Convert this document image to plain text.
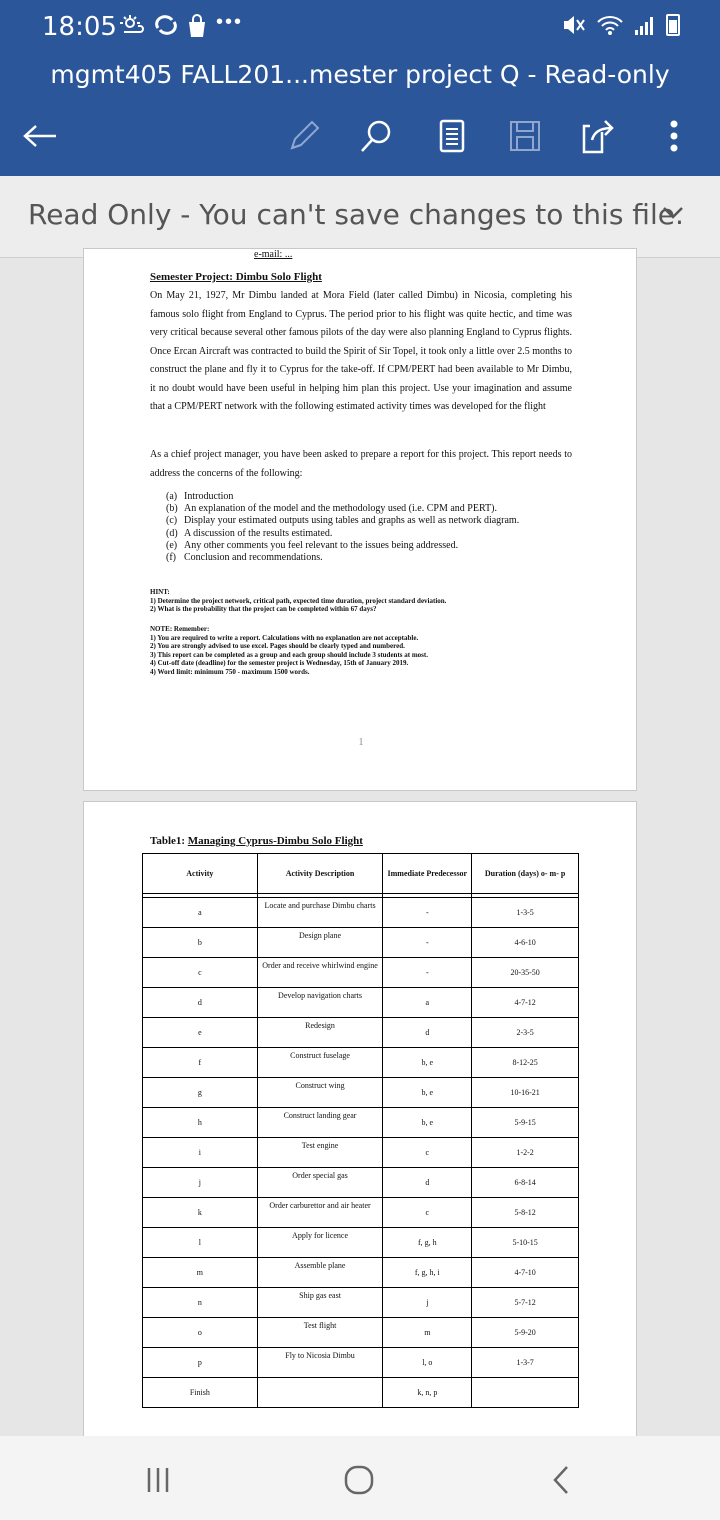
18:05	•••
mgmt405 FALL201...mester project Q - Read-only
Read Only - You can't save changes to this file.
e-mail: ...
Semester Project: Dimbu Solo Flight
On May 21, 1927, Mr Dimbu landed at Mora Field (later called Dimbu) in Nicosia, completing his famous solo flight from England to Cyprus. The period prior to his flight was quite hectic, and time was very critical because several other famous pilots of the day were also planning England to Cyprus flights. Once Ercan Aircraft was contracted to build the Spirit of Sir Topel, it took only a little over 2.5 months to construct the plane and fly it to Cyprus for the take-off. If CPM/PERT had been available to Mr Dimbu, it no doubt would have been useful in helping him plan this project. Use your imagination and assume that a CPM/PERT network with the following estimated activity times was developed for the flight
As a chief project manager, you have been asked to prepare a report for this project. This report needs to address the concerns of the following:
(a) Introduction
(b) An explanation of the model and the methodology used (i.e. CPM and PERT).
(c) Display your estimated outputs using tables and graphs as well as network diagram.
(d) A discussion of the results estimated.
(e) Any other comments you feel relevant to the issues being addressed.
(f) Conclusion and recommendations.
HINT:
1) Determine the project network, critical path, expected time duration, project standard deviation.
2) What is the probability that the project can be completed within 67 days?
NOTE: Remember:
1) You are required to write a report. Calculations with no explanation are not acceptable.
2) You are strongly advised to use excel. Pages should be clearly typed and numbered.
3) This report can be completed as a group and each group should include 3 students at most.
4) Cut-off date (deadline) for the semester project is Wednesday, 15th of January 2019.
4) Word limit: minimum 750 - maximum 1500 words.
1
Table1: Managing Cyprus-Dimbu Solo Flight
Activity	Activity Description	Immediate Predecessor	Duration (days) o- m- p

a	Locate and purchase Dimbu charts	-	1-3-5
b	Design plane	-	4-6-10
c	Order and receive whirlwind engine	-	20-35-50
d	Develop navigation charts	a	4-7-12
e	Redesign	d	2-3-5
f	Construct fuselage	b, e	8-12-25
g	Construct wing	b, e	10-16-21
h	Construct landing gear	b, e	5-9-15
i	Test engine	c	1-2-2
j	Order special gas	d	6-8-14
k	Order carburettor and air heater	c	5-8-12
l	Apply for licence	f, g, h	5-10-15
m	Assemble plane	f, g, h, i	4-7-10
n	Ship gas east	j	5-7-12
o	Test flight	m	5-9-20
p	Fly to Nicosia Dimbu	l, o	1-3-7
Finish		k, n, p	
